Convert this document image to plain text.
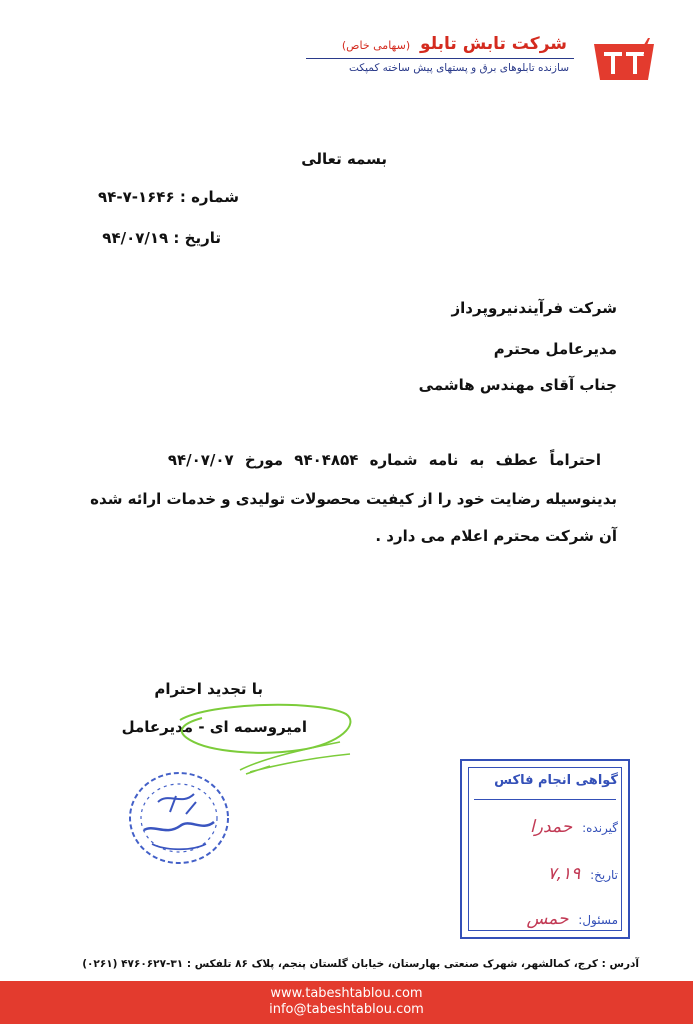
شرکت تابش تابلو (سهامی خاص)
سازنده تابلوهای برق و پستهای پیش ساخته کمپکت
بسمه تعالی
شماره : ۱۶۴۶-۷-۹۴
تاریخ : ۹۴/۰۷/۱۹
شرکت فرآیندنیروپرداز
مدیرعامل محترم
جناب آقای مهندس هاشمی
احتراماً عطف به نامه شماره ۹۴۰۴۸۵۴ مورخ ۹۴/۰۷/۰۷
بدینوسیله رضایت خود را از کیفیت محصولات تولیدی و خدمات ارائه شده
آن شرکت محترم اعلام می دارد .
با تجدید احترام
امیروسمه ای - مدیرعامل
گواهی انجام فاکس
گیرنده: حمدرا
تاریخ: ۷,۱۹
مسئول: حمس
آدرس : کرج، کمالشهر، شهرک صنعتی بهارستان، خیابان گلستان پنجم، پلاک ۸۶ تلفکس : ۳۱-۴۷۶۰۶۲۷ (۰۲۶۱)
www.tabeshtablou.com
info@tabeshtablou.com
